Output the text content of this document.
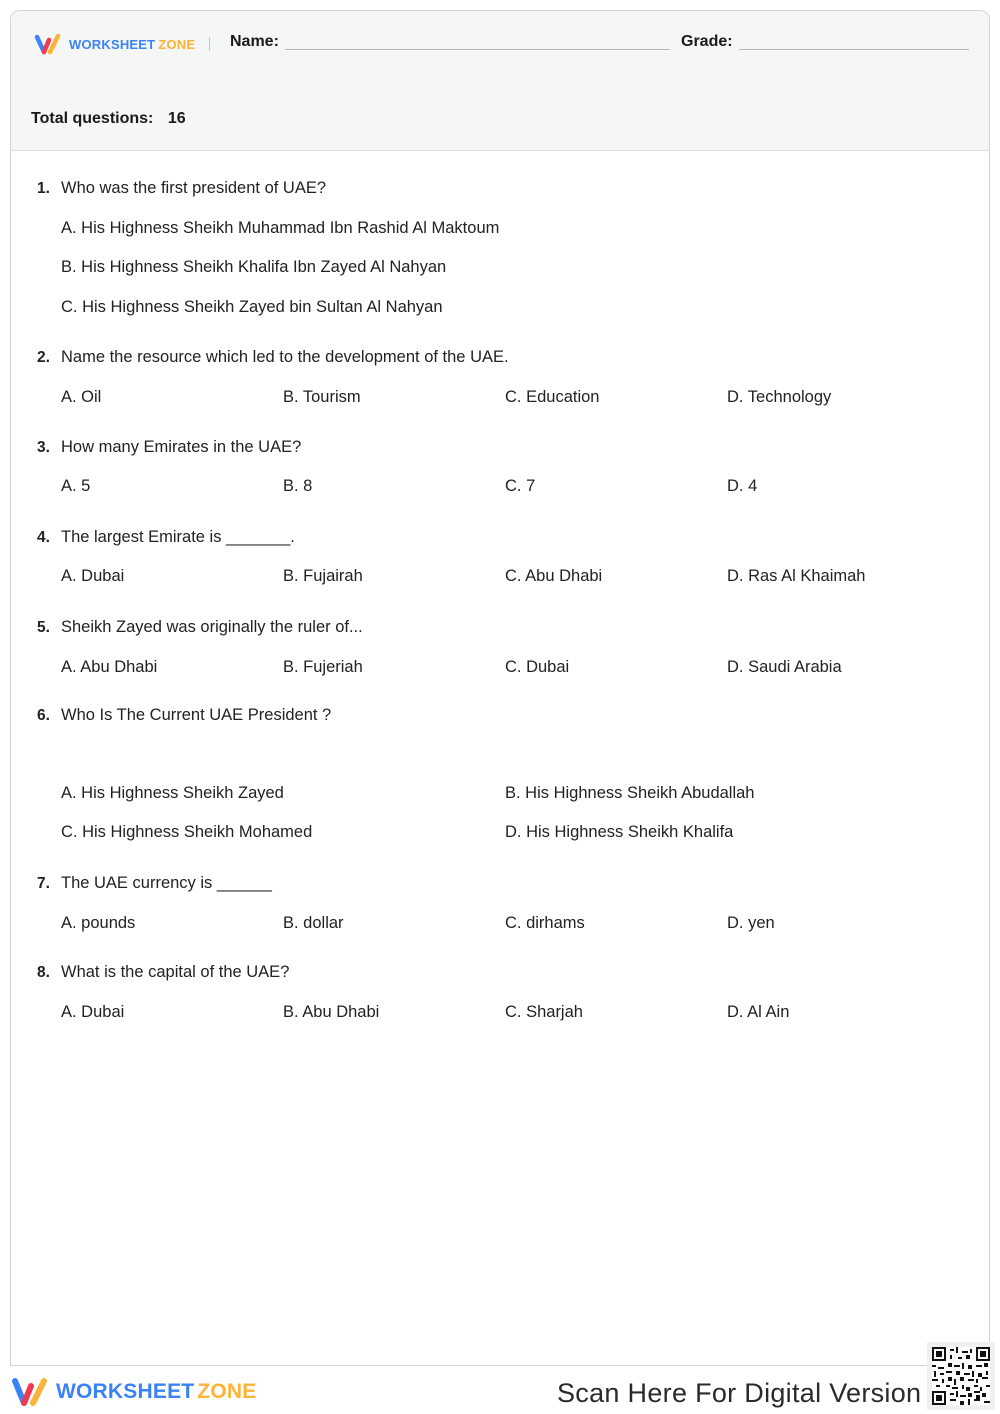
WORKSHEET ZONE Name:	Grade:
Total questions: 16
1. Who was the first president of UAE?
A. His Highness Sheikh Muhammad Ibn Rashid Al Maktoum
B. His Highness Sheikh Khalifa Ibn Zayed Al Nahyan
C. His Highness Sheikh Zayed bin Sultan Al Nahyan
2. Name the resource which led to the development of the UAE.
A. Oil	B. Tourism	C. Education	D. Technology
3. How many Emirates in the UAE?
A. 5	B. 8	C. 7	D. 4
4. The largest Emirate is _______.
A. Dubai	B. Fujairah	C. Abu Dhabi	D. Ras Al Khaimah
5. Sheikh Zayed was originally the ruler of...
A. Abu Dhabi	B. Fujeriah	C. Dubai	D. Saudi Arabia
6. Who Is The Current UAE President ?
A. His Highness Sheikh Zayed	B. His Highness Sheikh Abudallah
C. His Highness Sheikh Mohamed	D. His Highness Sheikh Khalifa
7. The UAE currency is ______
A. pounds	B. dollar	C. dirhams	D. yen
8. What is the capital of the UAE?
A. Dubai	B. Abu Dhabi	C. Sharjah	D. Al Ain
WORKSHEET ZONE	Scan Here For Digital Version
